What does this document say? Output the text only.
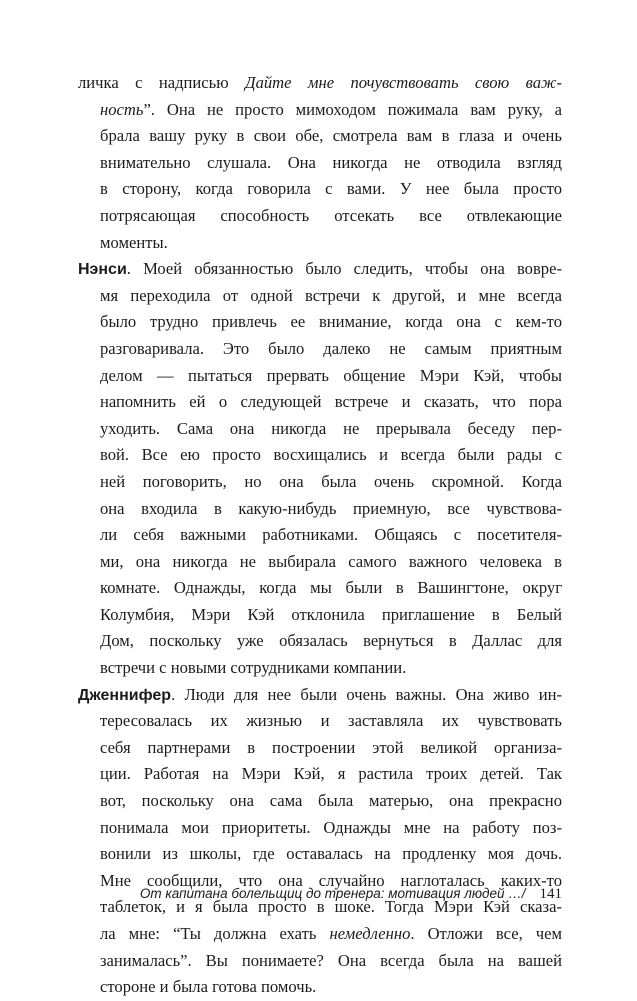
личка с надписью Дайте мне почувствовать свою важ-
ность”. Она не просто мимоходом пожимала вам руку, а
брала вашу руку в свои обе, смотрела вам в глаза и очень
внимательно слушала. Она никогда не отводила взгляд
в сторону, когда говорила с вами. У нее была просто
потрясающая способность отсекать все отвлекающие
моменты.
Нэнси. Моей обязанностью было следить, чтобы она вовре-
мя переходила от одной встречи к другой, и мне всегда
было трудно привлечь ее внимание, когда она с кем-то
разговаривала. Это было далеко не самым приятным
делом — пытаться прервать общение Мэри Кэй, чтобы
напомнить ей о следующей встрече и сказать, что пора
уходить. Сама она никогда не прерывала беседу пер-
вой. Все ею просто восхищались и всегда были рады с
ней поговорить, но она была очень скромной. Когда
она входила в какую-нибудь приемную, все чувствова-
ли себя важными работниками. Общаясь с посетителя-
ми, она никогда не выбирала самого важного человека в
комнате. Однажды, когда мы были в Вашингтоне, округ
Колумбия, Мэри Кэй отклонила приглашение в Белый
Дом, поскольку уже обязалась вернуться в Даллас для
встречи с новыми сотрудниками компании.
Дженнифер. Люди для нее были очень важны. Она живо ин-
тересовалась их жизнью и заставляла их чувствовать
себя партнерами в построении этой великой организа-
ции. Работая на Мэри Кэй, я растила троих детей. Так
вот, поскольку она сама была матерью, она прекрасно
понимала мои приоритеты. Однажды мне на работу поз-
вонили из школы, где оставалась на продленку моя дочь.
Мне сообщили, что она случайно наглоталась каких-то
таблеток, и я была просто в шоке. Тогда Мэри Кэй сказа-
ла мне: “Ты должна ехать немедленно. Отложи все, чем
занималась”. Вы понимаете? Она всегда была на вашей
стороне и была готова помочь.
От капитана болельщиц до тренера: мотивация людей …/ 141
